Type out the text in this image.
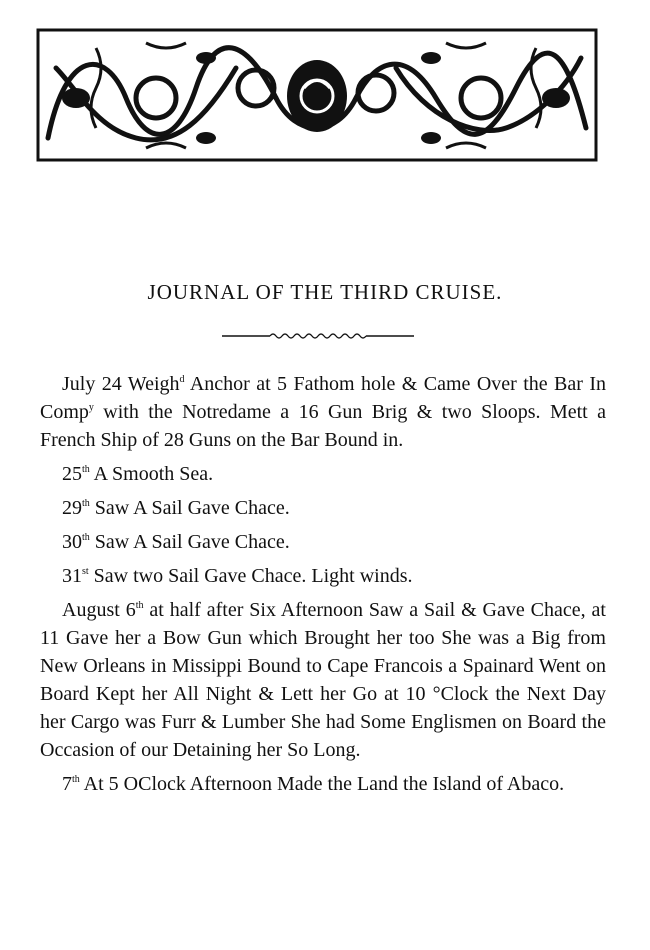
JOURNAL OF THE THIRD CRUISE.

July 24 Weigh$^d$ Anchor at 5 Fathom hole & Came Over the Bar In Comp$^y$ with the Notredame a 16 Gun Brig & two Sloops. Mett a French Ship of 28 Guns on the Bar Bound in.

25th A Smooth Sea.

29th Saw A Sail Gave Chace.

30th Saw A Sail Gave Chace.

31st Saw two Sail Gave Chace. Light winds.

August 6th at half after Six Afternoon Saw a Sail & Gave Chace, at 11 Gave her a Bow Gun which Brought her too She was a Big from New Orleans in Missippi Bound to Cape Francois a Spainard Went on Board Kept her All Night & Lett her Go at 10 °Clock the Next Day her Cargo was Furr & Lumber She had Some Englismen on Board the Occasion of our Detaining her So Long.

7th At 5 OClock Afternoon Made the Land the Island of Abaco.
